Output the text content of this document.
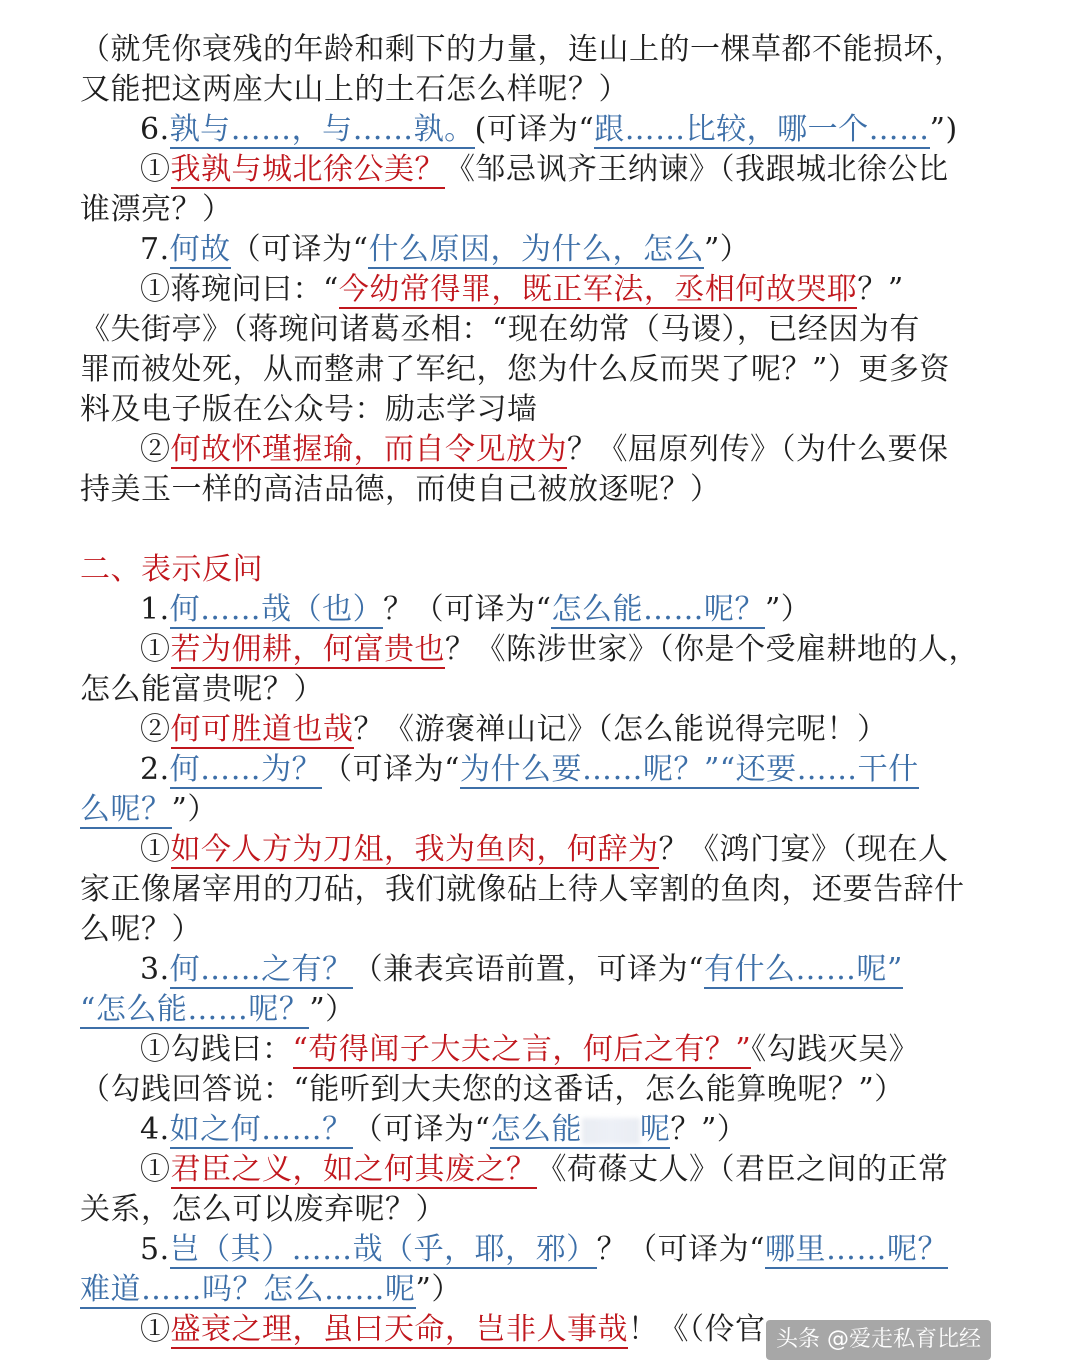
（就凭你衰残的年龄和剩下的力量，连山上的一棵草都不能损坏，
又能把这两座大山上的土石怎么样呢？）
6.孰与……，与……孰。(可译为“跟……比较，哪一个……”)
①我孰与城北徐公美？《邹忌讽齐王纳谏》（我跟城北徐公比
谁漂亮？）
7.何故（可译为“什么原因，为什么，怎么”）
①蒋琬问曰：“今幼常得罪，既正军法，丞相何故哭耶？”
《失街亭》（蒋琬问诸葛丞相：“现在幼常（马谡），已经因为有
罪而被处死，从而整肃了军纪，您为什么反而哭了呢？”）更多资
料及电子版在公众号：励志学习墙
②何故怀瑾握瑜，而自令见放为？《屈原列传》（为什么要保
持美玉一样的高洁品德，而使自己被放逐呢？）
二、表示反问
1.何……哉（也）？（可译为“怎么能……呢？”）
①若为佣耕，何富贵也？《陈涉世家》（你是个受雇耕地的人，
怎么能富贵呢？）
②何可胜道也哉？《游褒禅山记》（怎么能说得完呢！）
2.何……为？（可译为“为什么要……呢？”“还要……干什
么呢？”）
①如今人方为刀俎，我为鱼肉，何辞为？《鸿门宴》（现在人
家正像屠宰用的刀砧，我们就像砧上待人宰割的鱼肉，还要告辞什
么呢？）
3.何……之有？（兼表宾语前置，可译为“有什么……呢”
“怎么能……呢？”）
①勾践曰：“苟得闻子大夫之言，何后之有？”《勾践灭吴》
（勾践回答说：“能听到大夫您的这番话，怎么能算晚呢？”）
4.如之何……？（可译为“怎么能 呢？”）
①君臣之义，如之何其废之？《荷蓧丈人》（君臣之间的正常
关系，怎么可以废弃呢？）
5.岂（其）……哉（乎，耶，邪）？（可译为“哪里……呢？
难道……吗？怎么……呢”）
①盛衰之理，虽曰天命，岂非人事哉！《（伶官 头条 @爱走私育比经
